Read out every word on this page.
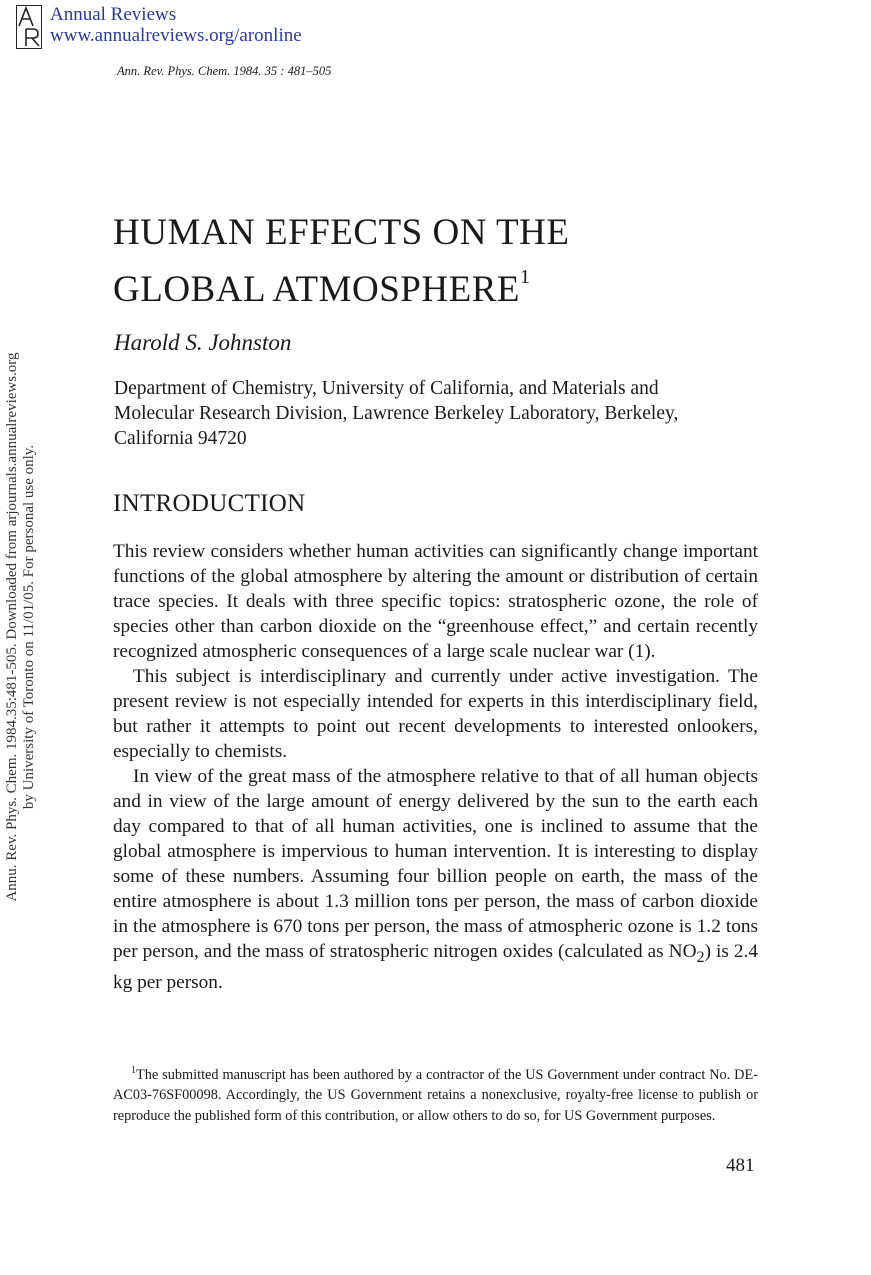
Annual Reviews
www.annualreviews.org/aronline
Ann. Rev. Phys. Chem. 1984. 35 : 481–505
Annu. Rev. Phys. Chem. 1984.35:481-505. Downloaded from arjournals.annualreviews.org by University of Toronto on 11/01/05. For personal use only.
HUMAN EFFECTS ON THE
GLOBAL ATMOSPHERE$^1$
Harold S. Johnston
Department of Chemistry, University of California, and Materials and
Molecular Research Division, Lawrence Berkeley Laboratory, Berkeley,
California 94720
INTRODUCTION

This review considers whether human activities can significantly change important functions of the global atmosphere by altering the amount or distribution of certain trace species. It deals with three specific topics: stratospheric ozone, the role of species other than carbon dioxide on the “greenhouse effect,” and certain recently recognized atmospheric consequences of a large scale nuclear war (1).

This subject is interdisciplinary and currently under active investigation. The present review is not especially intended for experts in this interdisciplinary field, but rather it attempts to point out recent developments to interested onlookers, especially to chemists.

In view of the great mass of the atmosphere relative to that of all human objects and in view of the large amount of energy delivered by the sun to the earth each day compared to that of all human activities, one is inclined to assume that the global atmosphere is impervious to human intervention. It is interesting to display some of these numbers. Assuming four billion people on earth, the mass of the entire atmosphere is about 1.3 million tons per person, the mass of carbon dioxide in the atmosphere is 670 tons per person, the mass of atmospheric ozone is 1.2 tons per person, and the mass of stratospheric nitrogen oxides (calculated as $NO_2$) is 2.4 kg per person.

$^1$The submitted manuscript has been authored by a contractor of the US Government under contract No. DE-AC03-76SF00098. Accordingly, the US Government retains a nonexclusive, royalty-free license to publish or reproduce the published form of this contribution, or allow others to do so, for US Government purposes.

481
